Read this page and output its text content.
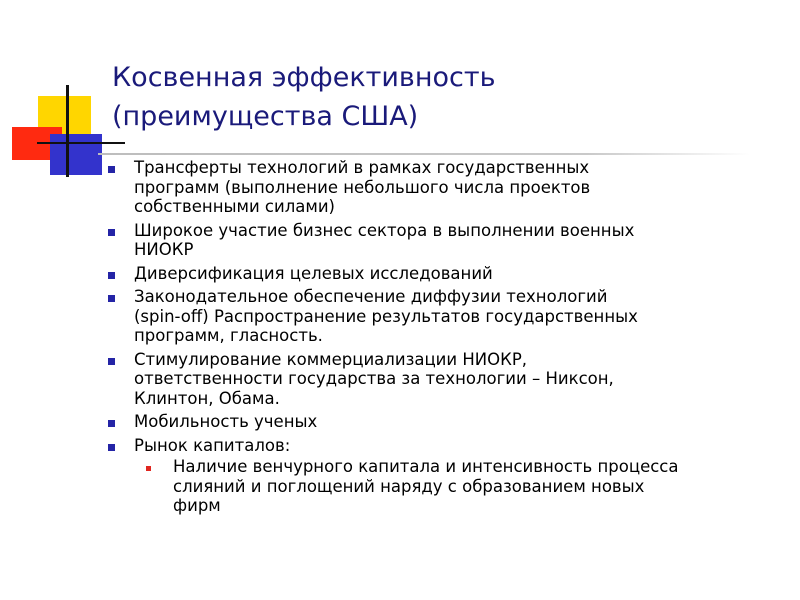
Косвенная эффективность
(преимущества США)
Трансферты технологий в рамках государственных
программ (выполнение небольшого числа проектов
собственными силами)
Широкое участие бизнес сектора в выполнении военных
НИОКР
Диверсификация целевых исследований
Законодательное обеспечение диффузии технологий
(spin-off) Распространение результатов государственных
программ, гласность.
Стимулирование коммерциализации НИОКР,
ответственности государства за технологии – Никсон,
Клинтон, Обама.
Мобильность ученых
Рынок капиталов:
Наличие венчурного капитала и интенсивность процесса
слияний и поглощений наряду с образованием новых
фирм
